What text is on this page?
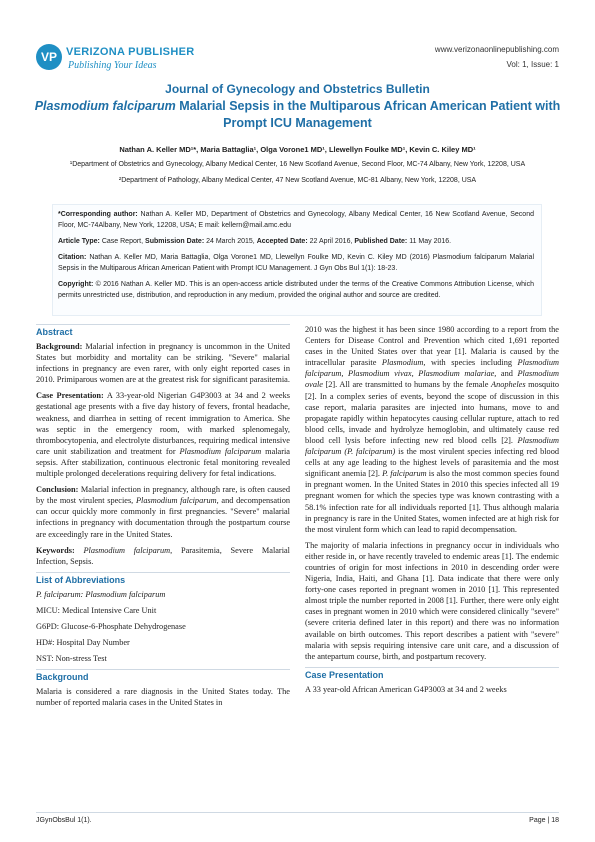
VP VERIZONA PUBLISHER
Publishing Your Ideas
www.verizonaonlinepublishing.com
Vol: 1, Issue: 1
Journal of Gynecology and Obstetrics Bulletin
Plasmodium falciparum Malarial Sepsis in the Multiparous African American Patient with Prompt ICU Management
Nathan A. Keller MD¹*, Maria Battaglia¹, Olga Vorone1 MD¹, Llewellyn Foulke MD¹, Kevin C. Kiley MD¹
¹Department of Obstetrics and Gynecology, Albany Medical Center, 16 New Scotland Avenue, Second Floor, MC-74 Albany, New York, 12208, USA
²Department of Pathology, Albany Medical Center, 47 New Scotland Avenue, MC-81 Albany, New York, 12208, USA
*Corresponding author: Nathan A. Keller MD, Department of Obstetrics and Gynecology, Albany Medical Center, 16 New Scotland Avenue, Second Floor, MC-74Albany, New York, 12208, USA; E mail: kellern@mail.amc.edu
Article Type: Case Report, Submission Date: 24 March 2015, Accepted Date: 22 April 2016, Published Date: 11 May 2016.
Citation: Nathan A. Keller MD, Maria Battaglia, Olga Vorone1 MD, Llewellyn Foulke MD, Kevin C. Kiley MD (2016) Plasmodium falciparum Malarial Sepsis in the Multiparous African American Patient with Prompt ICU Management. J Gyn Obs Bul 1(1): 18-23.
Copyright: © 2016 Nathan A. Keller MD. This is an open-access article distributed under the terms of the Creative Commons Attribution License, which permits unrestricted use, distribution, and reproduction in any medium, provided the original author and source are credited.
Abstract

Background: Malarial infection in pregnancy is uncommon in the United States but morbidity and mortality can be striking. "Severe" malarial infections in pregnancy are even rarer, with only eight reported cases in 2010. Primiparous women are at the greatest risk for significant parasitemia.

Case Presentation: A 33-year-old Nigerian G4P3003 at 34 and 2 weeks gestational age presents with a five day history of fevers, frontal headache, weakness, and diarrhea in setting of recent immigration to America. She was septic in the emergency room, with marked splenomegaly, thrombocytopenia, and electrolyte disturbances, requiring medical intensive care unit stabilization and treatment for Plasmodium falciparum malaria sepsis. After stabilization, continuous electronic fetal monitoring revealed multiple prolonged decelerations requiring delivery for fetal indications.

Conclusion: Malarial infection in pregnancy, although rare, is often caused by the most virulent species, Plasmodium falciparum, and decompensation can occur quickly more commonly in first pregnancies. "Severe" malarial infections in pregnancy with documentation through the postpartum course are exceedingly rare in the United States.

Keywords: Plasmodium falciparum, Parasitemia, Severe Malarial Infection, Sepsis.

List of Abbreviations

P. falciparum: Plasmodium falciparum

MICU: Medical Intensive Care Unit

G6PD: Glucose-6-Phosphate Dehydrogenase

HD#: Hospital Day Number

NST: Non-stress Test

Background

Malaria is considered a rare diagnosis in the United States today. The number of reported malaria cases in the United States in

2010 was the highest it has been since 1980 according to a report from the Centers for Disease Control and Prevention which cited 1,691 reported cases in the United States over that year [1]. Malaria is caused by the intracellular parasite Plasmodium, with species including Plasmodium falciparum, Plasmodium vivax, Plasmodium malariae, and Plasmodium ovale [2]. All are transmitted to humans by the female Anopheles mosquito [2]. In a complex series of events, beyond the scope of discussion in this case report, malaria parasites are injected into humans, move to and propagate rapidly within hepatocytes causing cellular rupture, attach to red blood cells, invade and hydrolyze hemoglobin, and ultimately cause red blood cell lysis before infecting new red blood cells [2]. Plasmodium falciparum (P. falciparum) is the most virulent species infecting red blood cells at any age leading to the highest levels of parasitemia and the most significant anemia [2]. P. falciparum is also the most common species found in pregnant women. In the United States in 2010 this species infected all 19 pregnant women for which the species type was known contrasting with a 58.1% infection rate for all individuals reported [1]. Thus although malaria in pregnancy is rare in the United States, women infected are at high risk for the most virulent form which can lead to rapid decompensation.

The majority of malaria infections in pregnancy occur in individuals who either reside in, or have recently traveled to endemic areas [1]. The endemic countries of origin for most infections in 2010 in descending order were Nigeria, India, Haiti, and Ghana [1]. Data indicate that there were only forty-one cases reported in pregnant women in 2010 [1]. This represented almost triple the number reported in 2008 [1]. Further, there were only eight cases in pregnant women in 2010 which were considered clinically "severe" (severe criteria defined later in this report) and there was no information available on birth outcomes. This report describes a patient with "severe" malaria with sepsis requiring intensive care unit care, and a discussion of the antepartum course, birth, and postpartum recovery.

Case Presentation

A 33 year-old African American G4P3003 at 34 and 2 weeks

JGynObsBul 1(1).	Page | 18
